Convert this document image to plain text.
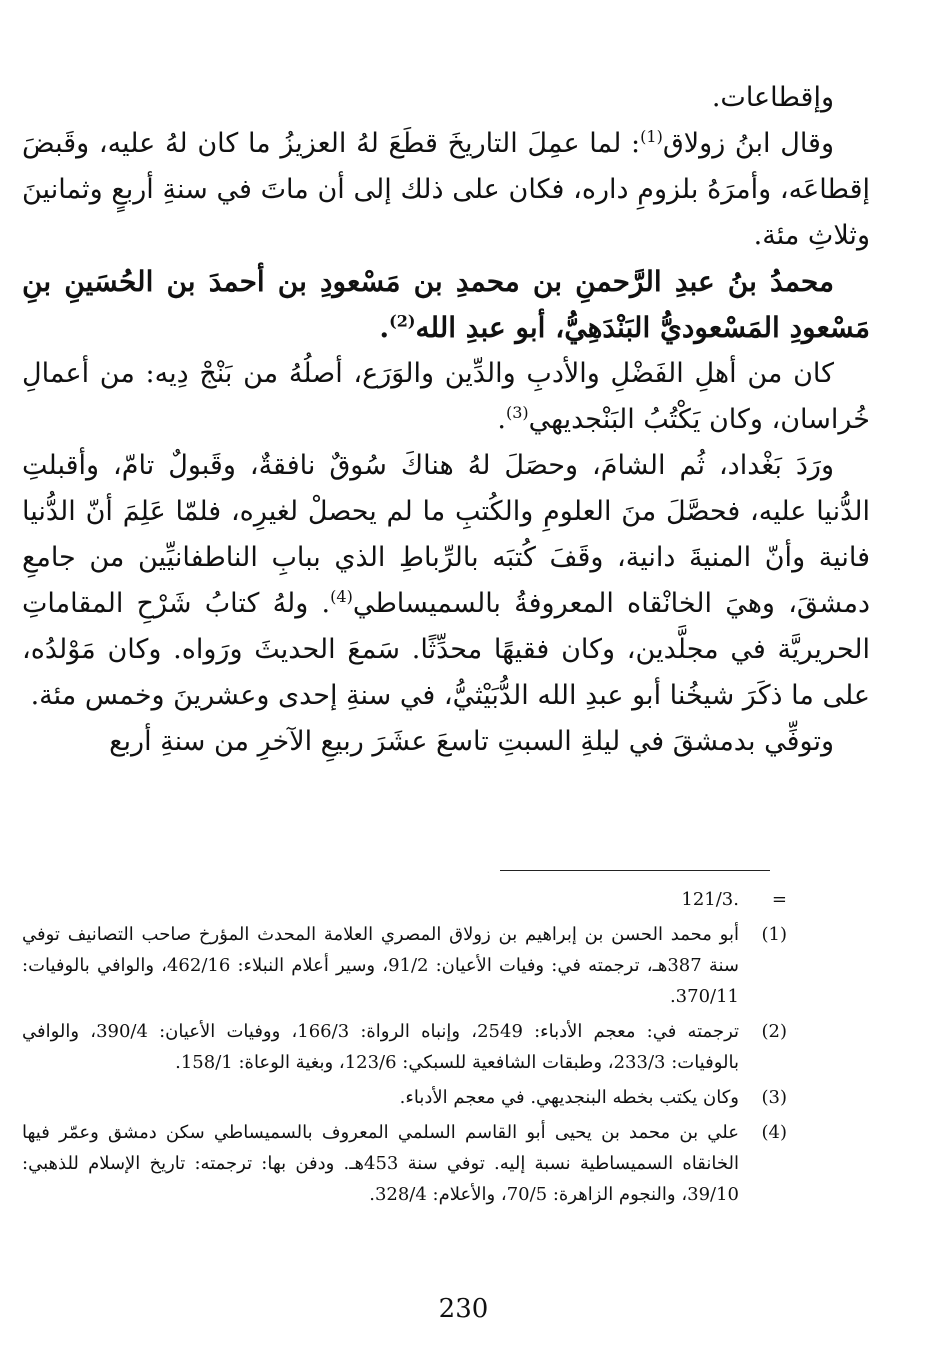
وإقطاعات.

وقال ابنُ زولاق$^{(1)}$: لما عمِلَ التاريخَ قطَعَ لهُ العزيزُ ما كان لهُ عليه، وقَبضَ إقطاعَه، وأمرَهُ بلزومِ داره، فكان على ذلك إلى أن ماتَ في سنةِ أربعٍ وثمانينَ وثلاثِ مئة.

محمدُ بنُ عبدِ الرَّحمنِ بن محمدِ بن مَسْعودِ بن أحمدَ بن الحُسَينِ بنِ مَسْعودِ المَسْعوديُّ البَنْدَهِيُّ، أبو عبدِ الله$^{(2)}$.

كان من أهلِ الفَضْلِ والأدبِ والدِّين والوَرَع، أصلُهُ من بَنْجْ دِيه: من أعمالِ خُراسان، وكان يَكْتُبُ البَنْجديهي$^{(3)}$.

ورَدَ بَغْداد، ثُم الشامَ، وحصَلَ لهُ هناكَ سُوقٌ نافقةٌ، وقَبولٌ تامّ، وأقبلتِ الدُّنيا عليه، فحصَّلَ منَ العلومِ والكُتبِ ما لم يحصلْ لغيرِه، فلمّا عَلِمَ أنّ الدُّنيا فانية وأنّ المنيةَ دانية، وقَفَ كُتبَه بالرِّباطِ الذي ببابِ الناطفانيِّين من جامعِ دمشقَ، وهيَ الخانْقاه المعروفةُ بالسميساطي$^{(4)}$. ولهُ كتابُ شَرْحِ المقاماتِ الحريريَّة في مجلَّدين، وكان فقيهًا محدِّثًا. سَمعَ الحديثَ ورَواه. وكان مَوْلدُه، على ما ذكَرَ شيخُنا أبو عبدِ الله الدُّبَيْثيُّ، في سنةِ إحدى وعشرينَ وخمس مئة.

وتوفِّي بدمشقَ في ليلةِ السبتِ تاسعَ عشَرَ ربيعِ الآخرِ من سنةِ أربع

=
.121/3
(1)
أبو محمد الحسن بن إبراهيم بن زولاق المصري العلامة المحدث المؤرخ صاحب التصانيف توفي سنة 387هـ، ترجمته في: وفيات الأعيان: 91/2، وسير أعلام النبلاء: 462/16، والوافي بالوفيات: 370/11.
(2)
ترجمته في: معجم الأدباء: 2549، وإنباه الرواة: 166/3، ووفيات الأعيان: 390/4، والوافي بالوفيات: 233/3، وطبقات الشافعية للسبكي: 123/6، وبغية الوعاة: 158/1.
(3)
وكان يكتب بخطه البنجديهي. في معجم الأدباء.
(4)
علي بن محمد بن يحيى أبو القاسم السلمي المعروف بالسميساطي سكن دمشق وعمّر فيها الخانقاه السميساطية نسبة إليه. توفي سنة 453هـ. ودفن بها: ترجمته: تاريخ الإسلام للذهبي: 39/10، والنجوم الزاهرة: 70/5، والأعلام: 328/4.
230
